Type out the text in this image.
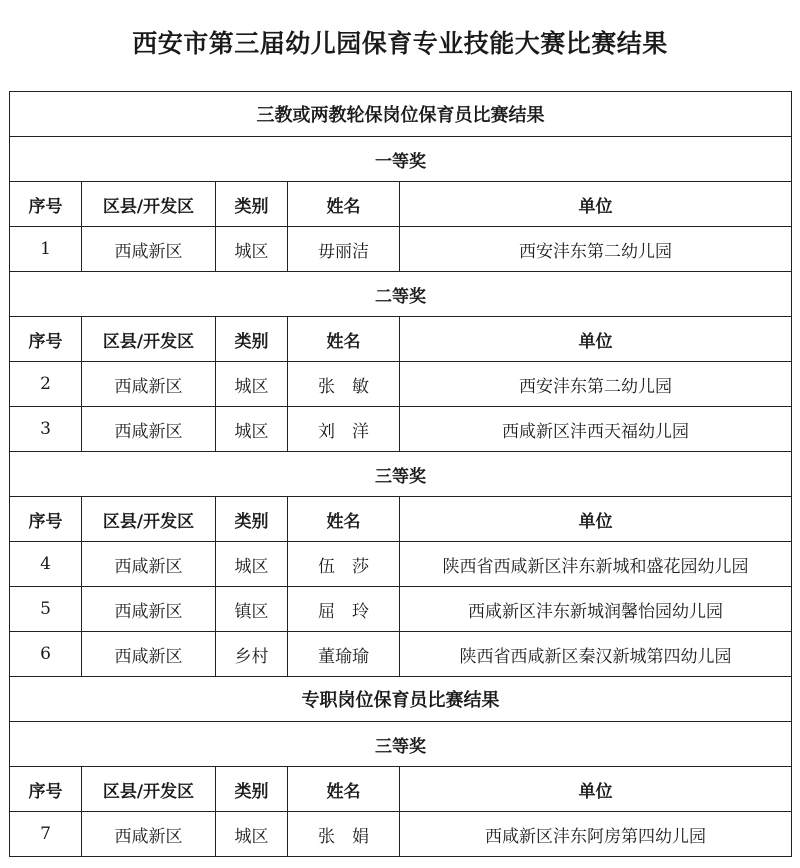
西安市第三届幼儿园保育专业技能大赛比赛结果
三教或两教轮保岗位保育员比赛结果				
一等奖				
序号	区县/开发区	类别	姓名	单位
1	西咸新区	城区	毋丽洁	西安沣东第二幼儿园
二等奖				
序号	区县/开发区	类别	姓名	单位
2	西咸新区	城区	张　敏	西安沣东第二幼儿园
3	西咸新区	城区	刘　洋	西咸新区沣西天福幼儿园
三等奖				
序号	区县/开发区	类别	姓名	单位
4	西咸新区	城区	伍　莎	陕西省西咸新区沣东新城和盛花园幼儿园
5	西咸新区	镇区	屈　玲	西咸新区沣东新城润馨怡园幼儿园
6	西咸新区	乡村	董瑜瑜	陕西省西咸新区秦汉新城第四幼儿园
专职岗位保育员比赛结果				
三等奖				
序号	区县/开发区	类别	姓名	单位
7	西咸新区	城区	张　娟	西咸新区沣东阿房第四幼儿园
